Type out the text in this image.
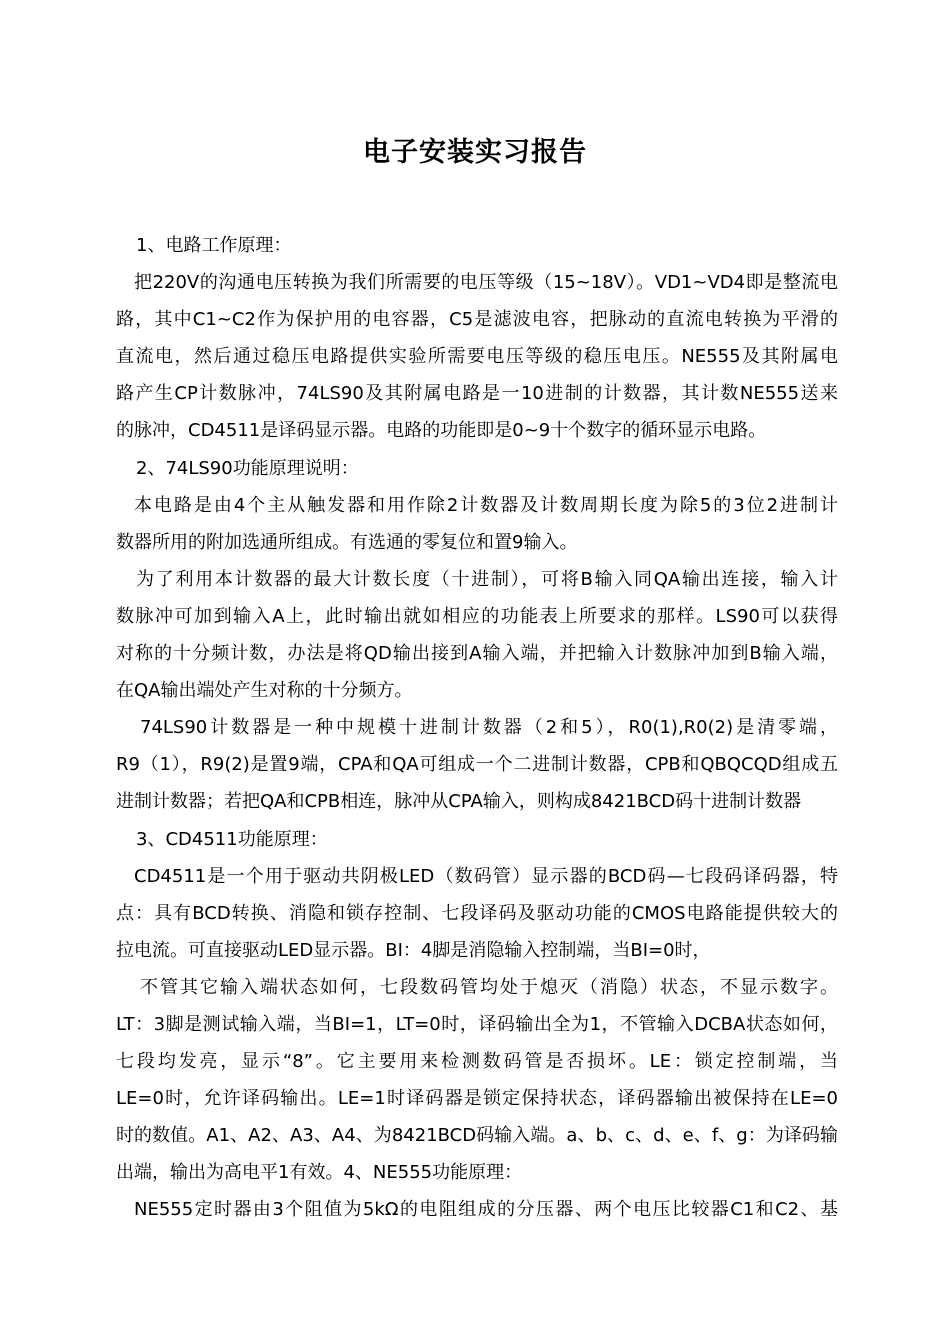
电子安装实习报告
1、电路工作原理：
把220V的沟通电压转换为我们所需要的电压等级（15~18V）。VD1~VD4即是整流电
路，其中C1~C2作为保护用的电容器，C5是滤波电容，把脉动的直流电转换为平滑的
直流电，然后通过稳压电路提供实验所需要电压等级的稳压电压。NE555及其附属电
路产生CP计数脉冲，74LS90及其附属电路是一10进制的计数器，其计数NE555送来
的脉冲，CD4511是译码显示器。电路的功能即是0~9十个数字的循环显示电路。
2、74LS90功能原理说明：
本电路是由4个主从触发器和用作除2计数器及计数周期长度为除5的3位2进制计
数器所用的附加选通所组成。有选通的零复位和置9输入。
为了利用本计数器的最大计数长度（十进制），可将B输入同QA输出连接，输入计
数脉冲可加到输入A上，此时输出就如相应的功能表上所要求的那样。LS90可以获得
对称的十分频计数，办法是将QD输出接到A输入端，并把输入计数脉冲加到B输入端，
在QA输出端处产生对称的十分频方。
74LS90计数器是一种中规模十进制计数器（2和5），R0(1),R0(2)是清零端，
R9（1），R9(2)是置9端，CPA和QA可组成一个二进制计数器，CPB和QBQCQD组成五
进制计数器；若把QA和CPB相连，脉冲从CPA输入，则构成8421BCD码十进制计数器
3、CD4511功能原理：
CD4511是一个用于驱动共阴极LED（数码管）显示器的BCD码—七段码译码器，特
点：具有BCD转换、消隐和锁存控制、七段译码及驱动功能的CMOS电路能提供较大的
拉电流。可直接驱动LED显示器。BI：4脚是消隐输入控制端，当BI=0时，
不管其它输入端状态如何，七段数码管均处于熄灭（消隐）状态，不显示数字。
LT：3脚是测试输入端，当BI=1，LT=0时，译码输出全为1，不管输入DCBA状态如何，
七段均发亮，显示“8”。它主要用来检测数码管是否损坏。LE：锁定控制端，当
LE=0时，允许译码输出。LE=1时译码器是锁定保持状态，译码器输出被保持在LE=0
时的数值。A1、A2、A3、A4、为8421BCD码输入端。a、b、c、d、e、f、g：为译码输
出端，输出为高电平1有效。4、NE555功能原理：
NE555定时器由3个阻值为5kΩ的电阻组成的分压器、两个电压比较器C1和C2、基
